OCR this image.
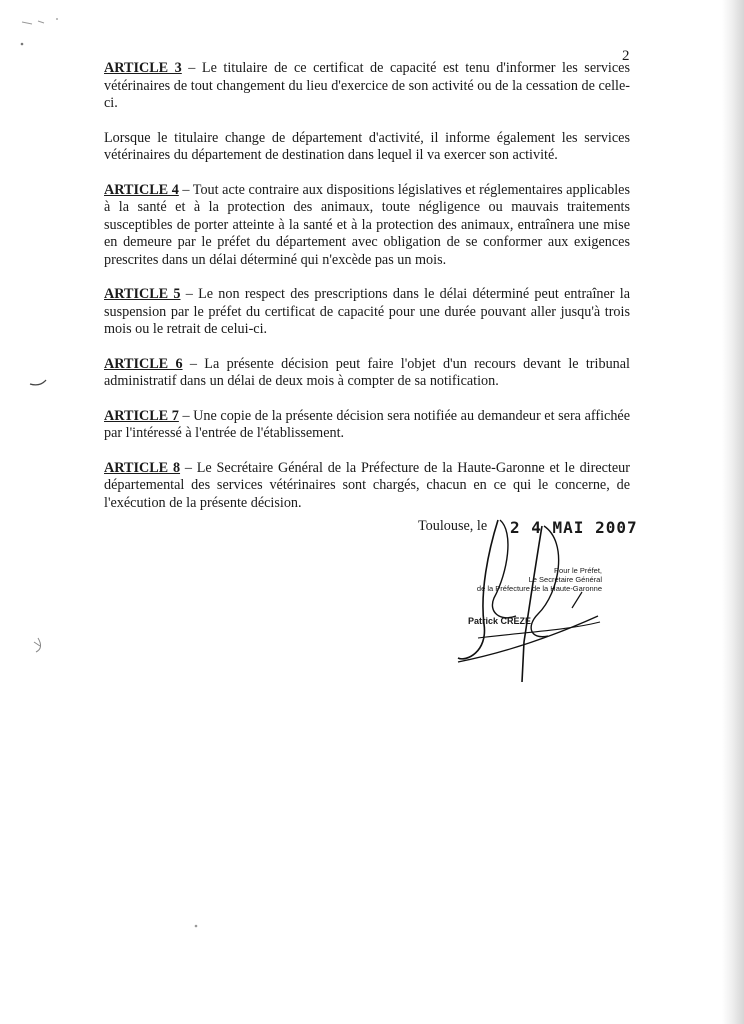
2

ARTICLE 3 – Le titulaire de ce certificat de capacité est tenu d'informer les services vétérinaires de tout changement du lieu d'exercice de son activité ou de la cessation de celle-ci.

Lorsque le titulaire change de département d'activité, il informe également les services vétérinaires du département de destination dans lequel il va exercer son activité.

ARTICLE 4 – Tout acte contraire aux dispositions législatives et réglementaires applicables à la santé et à la protection des animaux, toute négligence ou mauvais traitements susceptibles de porter atteinte à la santé et à la protection des animaux, entraînera une mise en demeure par le préfet du département avec obligation de se conformer aux exigences prescrites dans un délai déterminé qui n'excède pas un mois.

ARTICLE 5 – Le non respect des prescriptions dans le délai déterminé peut entraîner la suspension par le préfet du certificat de capacité pour une durée pouvant aller jusqu'à trois mois ou le retrait de celui-ci.

ARTICLE 6 – La présente décision peut faire l'objet d'un recours devant le tribunal administratif dans un délai de deux mois à compter de sa notification.

ARTICLE 7 – Une copie de la présente décision sera notifiée au demandeur et sera affichée par l'intéressé à l'entrée de l'établissement.

ARTICLE 8 – Le Secrétaire Général de la Préfecture de la Haute-Garonne et le directeur départemental des services vétérinaires sont chargés, chacun en ce qui le concerne, de l'exécution de la présente décision.

Toulouse, le 2 4 MAI 2007
Pour le Préfet,
Le Secrétaire Général
de la Préfecture de la Haute-Garonne
Patrick CREZE
